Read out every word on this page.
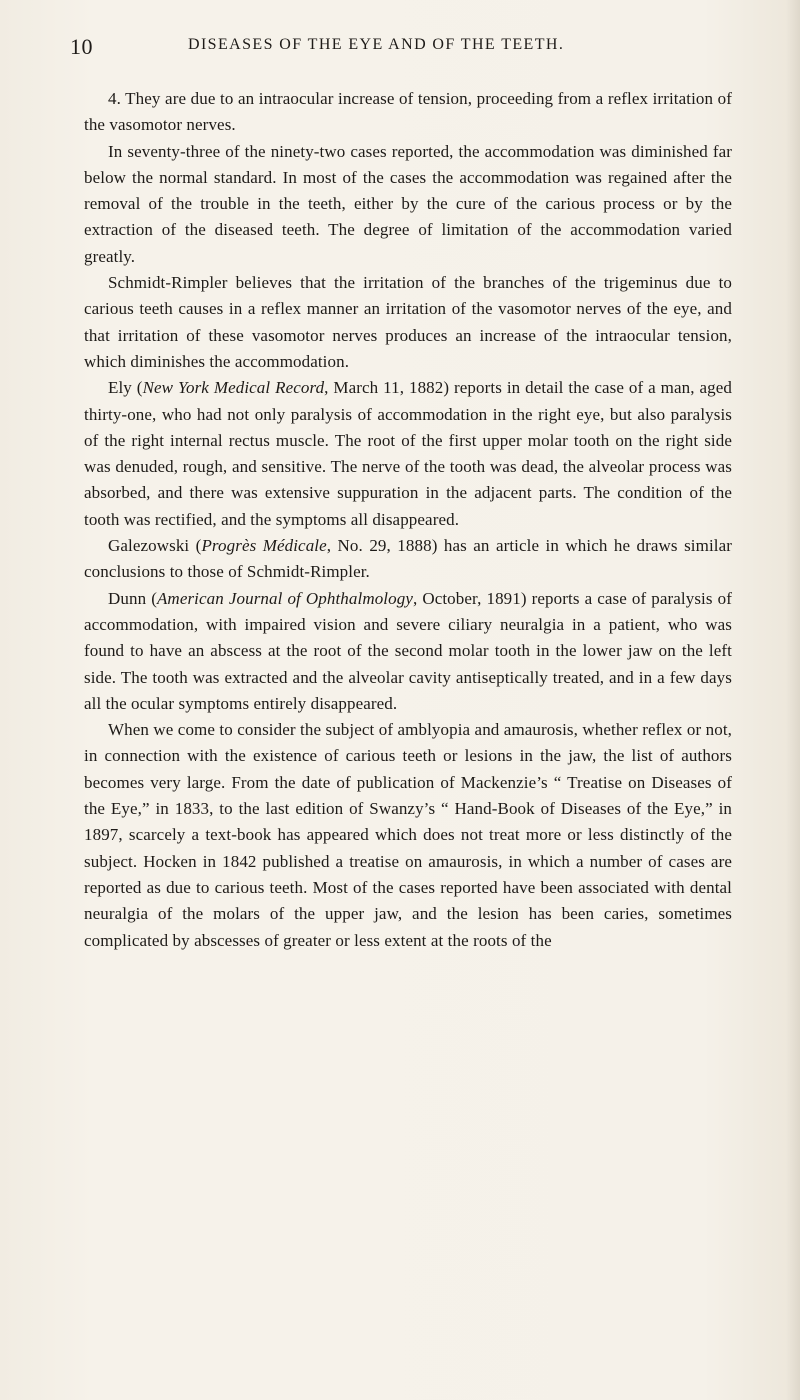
10	DISEASES OF THE EYE AND OF THE TEETH.

4. They are due to an intraocular increase of tension, proceeding from a reflex irritation of the vasomotor nerves.

In seventy-three of the ninety-two cases reported, the accommodation was diminished far below the normal standard. In most of the cases the accommodation was regained after the removal of the trouble in the teeth, either by the cure of the carious process or by the extraction of the diseased teeth. The degree of limitation of the accommodation varied greatly.

Schmidt-Rimpler believes that the irritation of the branches of the trigeminus due to carious teeth causes in a reflex manner an irritation of the vasomotor nerves of the eye, and that irritation of these vasomotor nerves produces an increase of the intraocular tension, which diminishes the accommodation.

Ely (New York Medical Record, March 11, 1882) reports in detail the case of a man, aged thirty-one, who had not only paralysis of accommodation in the right eye, but also paralysis of the right internal rectus muscle. The root of the first upper molar tooth on the right side was denuded, rough, and sensitive. The nerve of the tooth was dead, the alveolar process was absorbed, and there was extensive suppuration in the adjacent parts. The condition of the tooth was rectified, and the symptoms all disappeared.

Galezowski (Progrès Médicale, No. 29, 1888) has an article in which he draws similar conclusions to those of Schmidt-Rimpler.

Dunn (American Journal of Ophthalmology, October, 1891) reports a case of paralysis of accommodation, with impaired vision and severe ciliary neuralgia in a patient, who was found to have an abscess at the root of the second molar tooth in the lower jaw on the left side. The tooth was extracted and the alveolar cavity antiseptically treated, and in a few days all the ocular symptoms entirely disappeared.

When we come to consider the subject of amblyopia and amaurosis, whether reflex or not, in connection with the existence of carious teeth or lesions in the jaw, the list of authors becomes very large. From the date of publication of Mackenzie’s “ Treatise on Diseases of the Eye,” in 1833, to the last edition of Swanzy’s “ Hand-Book of Diseases of the Eye,” in 1897, scarcely a text-book has appeared which does not treat more or less distinctly of the subject. Hocken in 1842 published a treatise on amaurosis, in which a number of cases are reported as due to carious teeth. Most of the cases reported have been associated with dental neuralgia of the molars of the upper jaw, and the lesion has been caries, sometimes complicated by abscesses of greater or less extent at the roots of the
